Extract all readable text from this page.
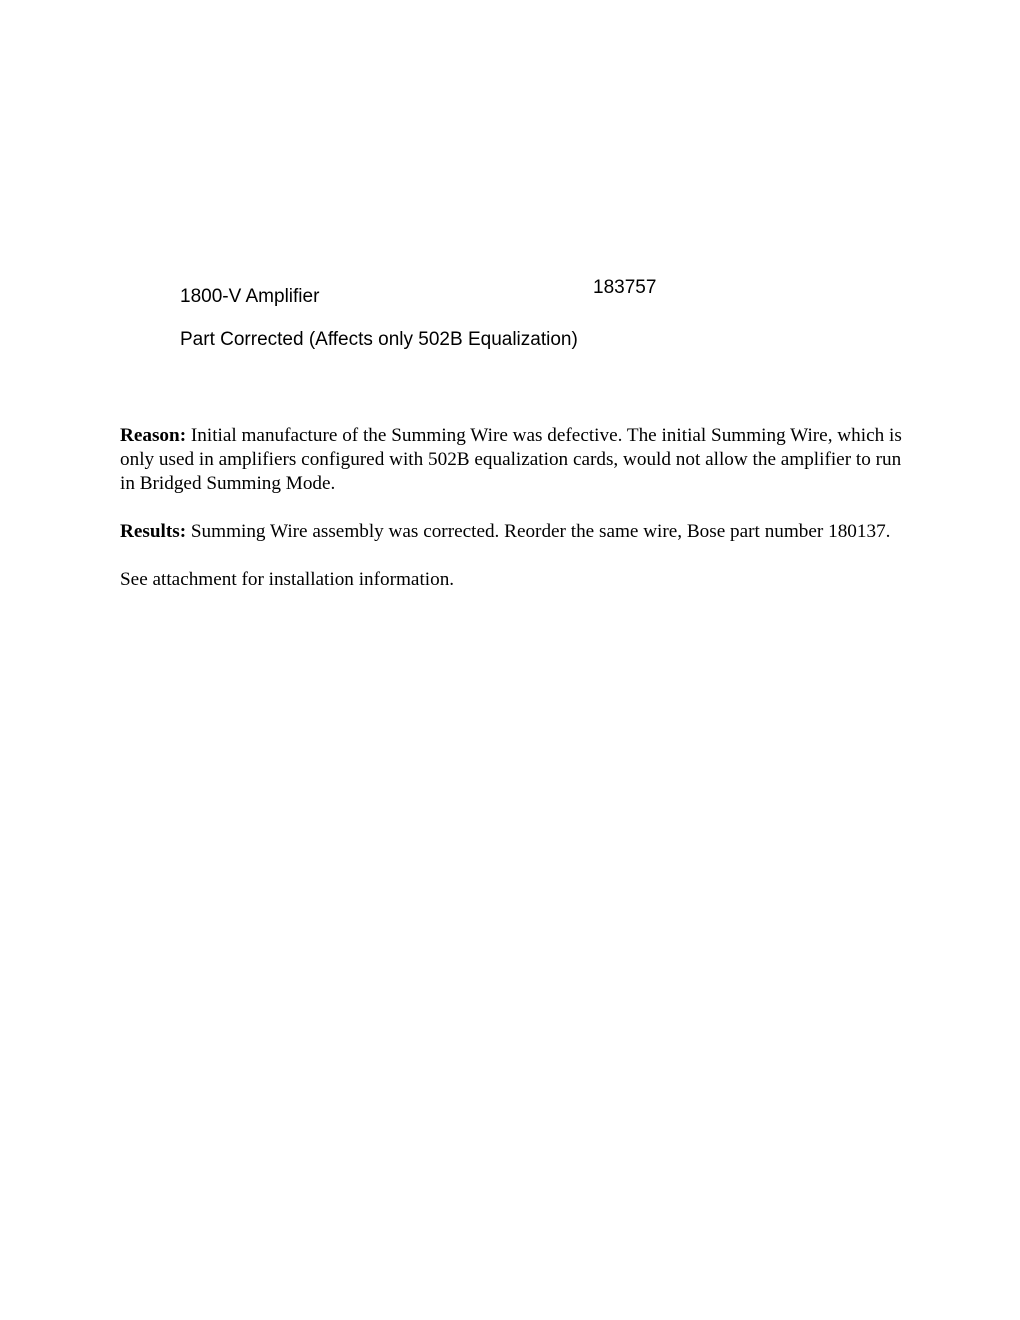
1800-V Amplifier	183757
Part Corrected (Affects only 502B Equalization)

Reason: Initial manufacture of the Summing Wire was defective. The initial Summing Wire, which is only used in amplifiers configured with 502B equalization cards, would not allow the amplifier to run in Bridged Summing Mode.

Results: Summing Wire assembly was corrected. Reorder the same wire, Bose part number 180137.

See attachment for installation information.
